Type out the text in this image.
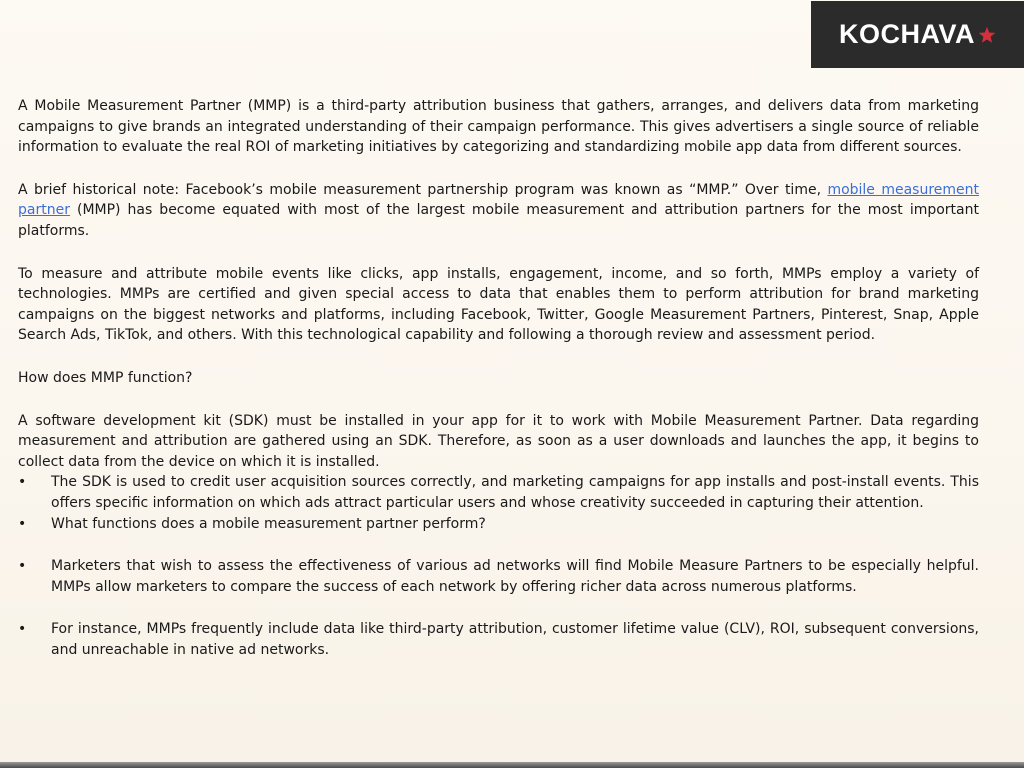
KOCHAVA

A Mobile Measurement Partner (MMP) is a third-party attribution business that gathers, arranges, and delivers data from marketing campaigns to give brands an integrated understanding of their campaign performance. This gives advertisers a single source of reliable information to evaluate the real ROI of marketing initiatives by categorizing and standardizing mobile app data from different sources.

A brief historical note: Facebook’s mobile measurement partnership program was known as “MMP.” Over time, mobile measurement partner (MMP) has become equated with most of the largest mobile measurement and attribution partners for the most important platforms.

To measure and attribute mobile events like clicks, app installs, engagement, income, and so forth, MMPs employ a variety of technologies. MMPs are certified and given special access to data that enables them to perform attribution for brand marketing campaigns on the biggest networks and platforms, including Facebook, Twitter, Google Measurement Partners, Pinterest, Snap, Apple Search Ads, TikTok, and others. With this technological capability and following a thorough review and assessment period.

How does MMP function?

A software development kit (SDK) must be installed in your app for it to work with Mobile Measurement Partner. Data regarding measurement and attribution are gathered using an SDK. Therefore, as soon as a user downloads and launches the app, it begins to collect data from the device on which it is installed.

•	The SDK is used to credit user acquisition sources correctly, and marketing campaigns for app installs and post-install events. This offers specific information on which ads attract particular users and whose creativity succeeded in capturing their attention.
•	What functions does a mobile measurement partner perform?
•	Marketers that wish to assess the effectiveness of various ad networks will find Mobile Measure Partners to be especially helpful. MMPs allow marketers to compare the success of each network by offering richer data across numerous platforms.
•	For instance, MMPs frequently include data like third-party attribution, customer lifetime value (CLV), ROI, subsequent conversions, and unreachable in native ad networks.
